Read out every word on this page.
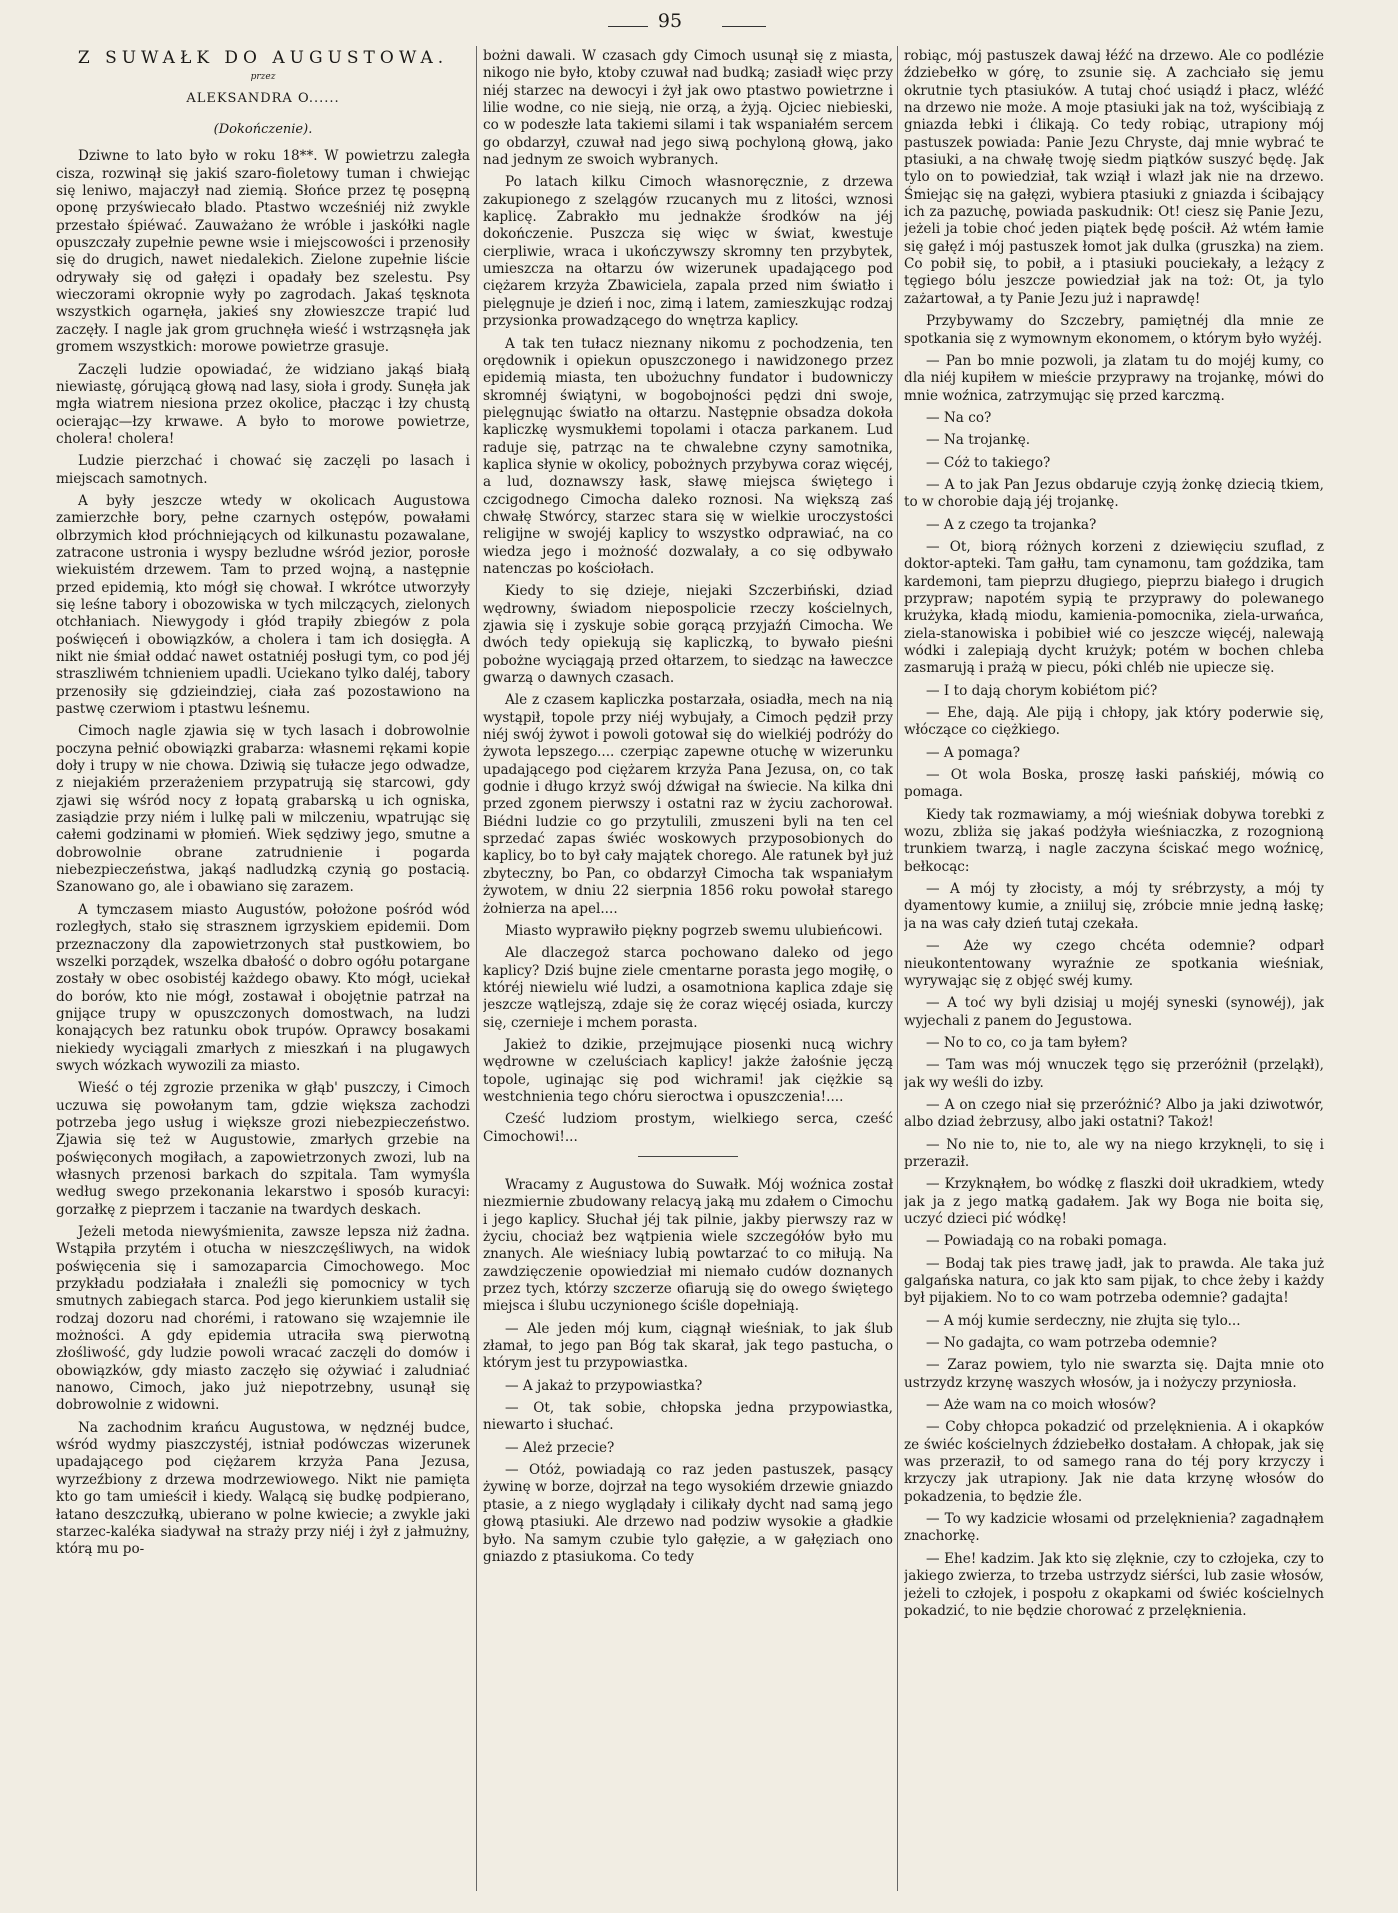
95
Z SUWAŁK DO AUGUSTOWA.
przez
ALEKSANDRA O......
(Dokończenie).

Dziwne to lato było w roku 18**. W powietrzu zaległa cisza, rozwinął się jakiś szaro-fioletowy tuman i chwiejąc się leniwo, majaczył nad ziemią. Słońce przez tę posępną oponę przyświecało blado. Ptastwo wcześniéj niż zwykle przestało śpiéwać. Zauważano że wróble i jaskółki nagle opuszczały zupełnie pewne wsie i miejscowości i przenosiły się do drugich, nawet niedalekich. Zielone zupełnie liście odrywały się od gałęzi i opadały bez szelestu. Psy wieczorami okropnie wyły po zagrodach. Jakaś tęsknota wszystkich ogarnęła, jakieś sny złowieszcze trapić lud zaczęły. I nagle jak grom gruchnęła wieść i wstrząsnęła jak gromem wszystkich: morowe powietrze grasuje.

Zaczęli ludzie opowiadać, że widziano jakąś białą niewiastę, górującą głową nad lasy, sioła i grody. Sunęła jak mgła wiatrem niesiona przez okolice, płacząc i łzy chustą ocierając—łzy krwawe. A było to morowe powietrze, cholera! cholera!

Ludzie pierzchać i chować się zaczęli po lasach i miejscach samotnych.

A były jeszcze wtedy w okolicach Augustowa zamierzchłe bory, pełne czarnych ostępów, powałami olbrzymich kłod próchniejących od kilkunastu pozawalane, zatracone ustronia i wyspy bezludne wśród jezior, porosłe wiekuistém drzewem. Tam to przed wojną, a następnie przed epidemią, kto mógł się chował. I wkrótce utworzyły się leśne tabory i obozowiska w tych milczących, zielonych otchłaniach. Niewygody i głód trapiły zbiegów z pola poświęceń i obowiązków, a cholera i tam ich dosięgła. A nikt nie śmiał oddać nawet ostatniéj posługi tym, co pod jéj straszliwém tchnieniem upadli. Uciekano tylko daléj, tabory przenosiły się gdzieindziej, ciała zaś pozostawiono na pastwę czerwiom i ptastwu leśnemu.

Cimoch nagle zjawia się w tych lasach i dobrowolnie poczyna pełnić obowiązki grabarza: własnemi rękami kopie doły i trupy w nie chowa. Dziwią się tułacze jego odwadze, z niejakiém przerażeniem przypatrują się starcowi, gdy zjawi się wśród nocy z łopatą grabarską u ich ogniska, zasiądzie przy niém i lulkę pali w milczeniu, wpatrując się całemi godzinami w płomień. Wiek sędziwy jego, smutne a dobrowolnie obrane zatrudnienie i pogarda niebezpieczeństwa, jakąś nadludzką czynią go postacią. Szanowano go, ale i obawiano się zarazem.

A tymczasem miasto Augustów, położone pośród wód rozległych, stało się strasznem igrzyskiem epidemii. Dom przeznaczony dla zapowietrzonych stał pustkowiem, bo wszelki porządek, wszelka dbałość o dobro ogółu potargane zostały w obec osobistéj każdego obawy. Kto mógł, uciekał do borów, kto nie mógł, zostawał i obojętnie patrzał na gnijące trupy w opuszczonych domostwach, na ludzi konających bez ratunku obok trupów. Oprawcy bosakami niekiedy wyciągali zmarłych z mieszkań i na plugawych swych wózkach wywozili za miasto.

Wieść o téj zgrozie przenika w głąb' puszczy, i Cimoch uczuwa się powołanym tam, gdzie większa zachodzi potrzeba jego usług i większe grozi niebezpieczeństwo. Zjawia się też w Augustowie, zmarłych grzebie na poświęconych mogiłach, a zapowietrzonych zwozi, lub na własnych przenosi barkach do szpitala. Tam wymyśla według swego przekonania lekarstwo i sposób kuracyi: gorzałkę z pieprzem i taczanie na twardych deskach.

Jeżeli metoda niewyśmienita, zawsze lepsza niż żadna. Wstąpiła przytém i otucha w nieszczęśliwych, na widok poświęcenia się i samozaparcia Cimochowego. Moc przykładu podziałała i znaleźli się pomocnicy w tych smutnych zabiegach starca. Pod jego kierunkiem ustalił się rodzaj dozoru nad chorémi, i ratowano się wzajemnie ile możności. A gdy epidemia utraciła swą pierwotną złośliwość, gdy ludzie powoli wracać zaczęli do domów i obowiązków, gdy miasto zaczęło się ożywiać i zaludniać nanowo, Cimoch, jako już niepotrzebny, usunął się dobrowolnie z widowni.

Na zachodnim krańcu Augustowa, w nędznéj budce, wśród wydmy piaszczystéj, istniał podówczas wizerunek upadającego pod ciężarem krzyża Pana Jezusa, wyrzeźbiony z drzewa modrzewiowego. Nikt nie pamięta kto go tam umieścił i kiedy. Walącą się budkę podpierano, łatano deszczułką, ubierano w polne kwiecie; a zwykle jaki starzec-kaléka siadywał na straży przy niéj i żył z jałmużny, którą mu po-

bożni dawali. W czasach gdy Cimoch usunął się z miasta, nikogo nie było, ktoby czuwał nad budką; zasiadł więc przy niéj starzec na dewocyi i żył jak owo ptastwo powietrzne i lilie wodne, co nie sieją, nie orzą, a żyją. Ojciec niebieski, co w podeszłe lata takiemi silami i tak wspaniałém sercem go obdarzył, czuwał nad jego siwą pochyloną głową, jako nad jednym ze swoich wybranych.

Po latach kilku Cimoch własnoręcznie, z drzewa zakupionego z szelągów rzucanych mu z litości, wznosi kaplicę. Zabrakło mu jednakże środków na jéj dokończenie. Puszcza się więc w świat, kwestuje cierpliwie, wraca i ukończywszy skromny ten przybytek, umieszcza na ołtarzu ów wizerunek upadającego pod ciężarem krzyża Zbawiciela, zapala przed nim światło i pielęgnuje je dzień i noc, zimą i latem, zamieszkując rodzaj przysionka prowadzącego do wnętrza kaplicy.

A tak ten tułacz nieznany nikomu z pochodzenia, ten orędownik i opiekun opuszczonego i nawidzonego przez epidemią miasta, ten ubożuchny fundator i budowniczy skromnéj świątyni, w bogobojności pędzi dni swoje, pielęgnując światło na ołtarzu. Następnie obsadza dokoła kapliczkę wysmukłemi topolami i otacza parkanem. Lud raduje się, patrząc na te chwalebne czyny samotnika, kaplica słynie w okolicy, pobożnych przybywa coraz więcéj, a lud, doznawszy łask, sławę miejsca świętego i czcigodnego Cimocha daleko roznosi. Na większą zaś chwałę Stwórcy, starzec stara się w wielkie uroczystości religijne w swojéj kaplicy to wszystko odprawiać, na co wiedza jego i możność dozwalały, a co się odbywało natenczas po kościołach.

Kiedy to się dzieje, niejaki Szczerbiński, dziad wędrowny, świadom niepospolicie rzeczy kościelnych, zjawia się i zyskuje sobie gorącą przyjaźń Cimocha. We dwóch tedy opiekują się kapliczką, to bywało pieśni pobożne wyciągają przed ołtarzem, to siedząc na ławeczce gwarzą o dawnych czasach.

Ale z czasem kapliczka postarzała, osiadła, mech na nią wystąpił, topole przy niéj wybujały, a Cimoch pędził przy niéj swój żywot i powoli gotował się do wielkiéj podróży do żywota lepszego.... czerpiąc zapewne otuchę w wizerunku upadającego pod ciężarem krzyża Pana Jezusa, on, co tak godnie i długo krzyż swój dźwigał na świecie. Na kilka dni przed zgonem pierwszy i ostatni raz w życiu zachorował. Biédni ludzie co go przytulili, zmuszeni byli na ten cel sprzedać zapas świéc woskowych przyposobionych do kaplicy, bo to był cały majątek chorego. Ale ratunek był już zbyteczny, bo Pan, co obdarzył Cimocha tak wspaniałym żywotem, w dniu 22 sierpnia 1856 roku powołał starego żołnierza na apel....

Miasto wyprawiło piękny pogrzeb swemu ulubieńcowi.

Ale dlaczegoż starca pochowano daleko od jego kaplicy? Dziś bujne ziele cmentarne porasta jego mogiłę, o któréj niewielu wié ludzi, a osamotniona kaplica zdaje się jeszcze wątlejszą, zdaje się że coraz więcéj osiada, kurczy się, czernieje i mchem porasta.

Jakież to dzikie, przejmujące piosenki nucą wichry wędrowne w czeluściach kaplicy! jakże żałośnie jęczą topole, uginając się pod wichrami! jak ciężkie są westchnienia tego chóru sieroctwa i opuszczenia!....

Cześć ludziom prostym, wielkiego serca, cześć Cimochowi!...

Wracamy z Augustowa do Suwałk. Mój woźnica został niezmiernie zbudowany relacyą jaką mu zdałem o Cimochu i jego kaplicy. Słuchał jéj tak pilnie, jakby pierwszy raz w życiu, chociaż bez wątpienia wiele szczegółów było mu znanych. Ale wieśniacy lubią powtarzać to co miłują. Na zawdzięczenie opowiedział mi niemało cudów doznanych przez tych, którzy szczerze ofiarują się do owego świętego miejsca i ślubu uczynionego ściśle dopełniają.

— Ale jeden mój kum, ciągnął wieśniak, to jak ślub złamał, to jego pan Bóg tak skarał, jak tego pastucha, o którym jest tu przypowiastka.

— A jakaż to przypowiastka?

— Ot, tak sobie, chłopska jedna przypowiastka, niewarto i słuchać.

— Ależ przecie?

— Otóż, powiadają co raz jeden pastuszek, pasący żywinę w borze, dojrzał na tego wysokiém drzewie gniazdo ptasie, a z niego wyglądały i cilikały dycht nad samą jego głową ptasiuki. Ale drzewo nad podziw wysokie a gładkie było. Na samym czubie tylo gałęzie, a w gałęziach ono gniazdo z ptasiukoma. Co tedy

robiąc, mój pastuszek dawaj łéźć na drzewo. Ale co podlézie ździebełko w górę, to zsunie się. A zachciało się jemu okrutnie tych ptasiuków. A tutaj choć usiądź i płacz, wléźć na drzewo nie może. A moje ptasiuki jak na toż, wyścibiają z gniazda łebki i ćlikają. Co tedy robiąc, utrapiony mój pastuszek powiada: Panie Jezu Chryste, daj mnie wybrać te ptasiuki, a na chwałę twoję siedm piątków suszyć będę. Jak tylo on to powiedział, tak wziął i wlazł jak nie na drzewo. Śmiejąc się na gałęzi, wybiera ptasiuki z gniazda i ścibający ich za pazuchę, powiada paskudnik: Ot! ciesz się Panie Jezu, jeżeli ja tobie choć jeden piątek będę pościł. Aż wtém łamie się gałęź i mój pastuszek łomot jak dulka (gruszka) na ziem. Co pobił się, to pobił, a i ptasiuki pouciekały, a leżący z tęgiego bólu jeszcze powiedział jak na toż: Ot, ja tylo zażartował, a ty Panie Jezu już i naprawdę!

Przybywamy do Szczebry, pamiętnéj dla mnie ze spotkania się z wymownym ekonomem, o którym było wyżéj.

— Pan bo mnie pozwoli, ja zlatam tu do mojéj kumy, co dla niéj kupiłem w mieście przyprawy na trojankę, mówi do mnie woźnica, zatrzymując się przed karczmą.

— Na co?

— Na trojankę.

— Cóż to takiego?

— A to jak Pan Jezus obdaruje czyją żonkę dziecią tkiem, to w chorobie dają jéj trojankę.

— A z czego ta trojanka?

— Ot, biorą różnych korzeni z dziewięciu szuflad, z doktor-apteki. Tam gałłu, tam cynamonu, tam goździka, tam kardemoni, tam pieprzu długiego, pieprzu białego i drugich przypraw; napotém sypią te przyprawy do polewanego krużyka, kładą miodu, kamienia-pomocnika, ziela-urwańca, ziela-stanowiska i pobibieł wié co jeszcze więcéj, nalewają wódki i zalepiają dycht krużyk; potém w bochen chleba zasmarują i prażą w piecu, póki chléb nie upiecze się.

— I to dają chorym kobiétom pić?

— Ehe, dają. Ale piją i chłopy, jak który poderwie się, włóczące co ciężkiego.

— A pomaga?

— Ot wola Boska, proszę łaski pańskiéj, mówią co pomaga.

Kiedy tak rozmawiamy, a mój wieśniak dobywa torebki z wozu, zbliża się jakaś podżyła wieśniaczka, z rozognioną trunkiem twarzą, i nagle zaczyna ściskać mego woźnicę, bełkocąc:

— A mój ty złocisty, a mój ty srébrzysty, a mój ty dyamentowy kumie, a zniiluj się, zróbcie mnie jedną łaskę; ja na was cały dzień tutaj czekała.

— Aże wy czego chcéta odemnie? odparł nieukontentowany wyraźnie ze spotkania wieśniak, wyrywając się z objęć swéj kumy.

— A toć wy byli dzisiaj u mojéj syneski (synowéj), jak wyjechali z panem do Jegustowa.

— No to co, co ja tam byłem?

— Tam was mój wnuczek tęgo się przeróżnił (przeląkł), jak wy weśli do izby.

— A on czego niał się przeróżnić? Albo ja jaki dziwotwór, albo dziad żebrzusy, albo jaki ostatni? Takoż!

— No nie to, nie to, ale wy na niego krzyknęli, to się i przeraził.

— Krzyknąłem, bo wódkę z flaszki doił ukradkiem, wtedy jak ja z jego matką gadałem. Jak wy Boga nie boita się, uczyć dzieci pić wódkę!

— Powiadają co na robaki pomaga.

— Bodaj tak pies trawę jadł, jak to prawda. Ale taka już galgańska natura, co jak kto sam pijak, to chce żeby i każdy był pijakiem. No to co wam potrzeba odemnie? gadajta!

— A mój kumie serdeczny, nie złujta się tylo...

— No gadajta, co wam potrzeba odemnie?

— Zaraz powiem, tylo nie swarzta się. Dajta mnie oto ustrzydz krzynę waszych włosów, ja i nożyczy przyniosła.

— Aże wam na co moich włosów?

— Coby chłopca pokadzić od przelęknienia. A i okapków ze świéc kościelnych ździebełko dostałam. A chłopak, jak się was przeraził, to od samego rana do téj pory krzyczy i krzyczy jak utrapiony. Jak nie data krzynę włosów do pokadzenia, to będzie źle.

— To wy kadzicie włosami od przelęknienia? zagadnąłem znachorkę.

— Ehe! kadzim. Jak kto się zlęknie, czy to człojeka, czy to jakiego zwierza, to trzeba ustrzydz siérści, lub zasie włosów, jeżeli to człojek, i pospołu z okapkami od świéc kościelnych pokadzić, to nie będzie chorować z przelęknienia.
